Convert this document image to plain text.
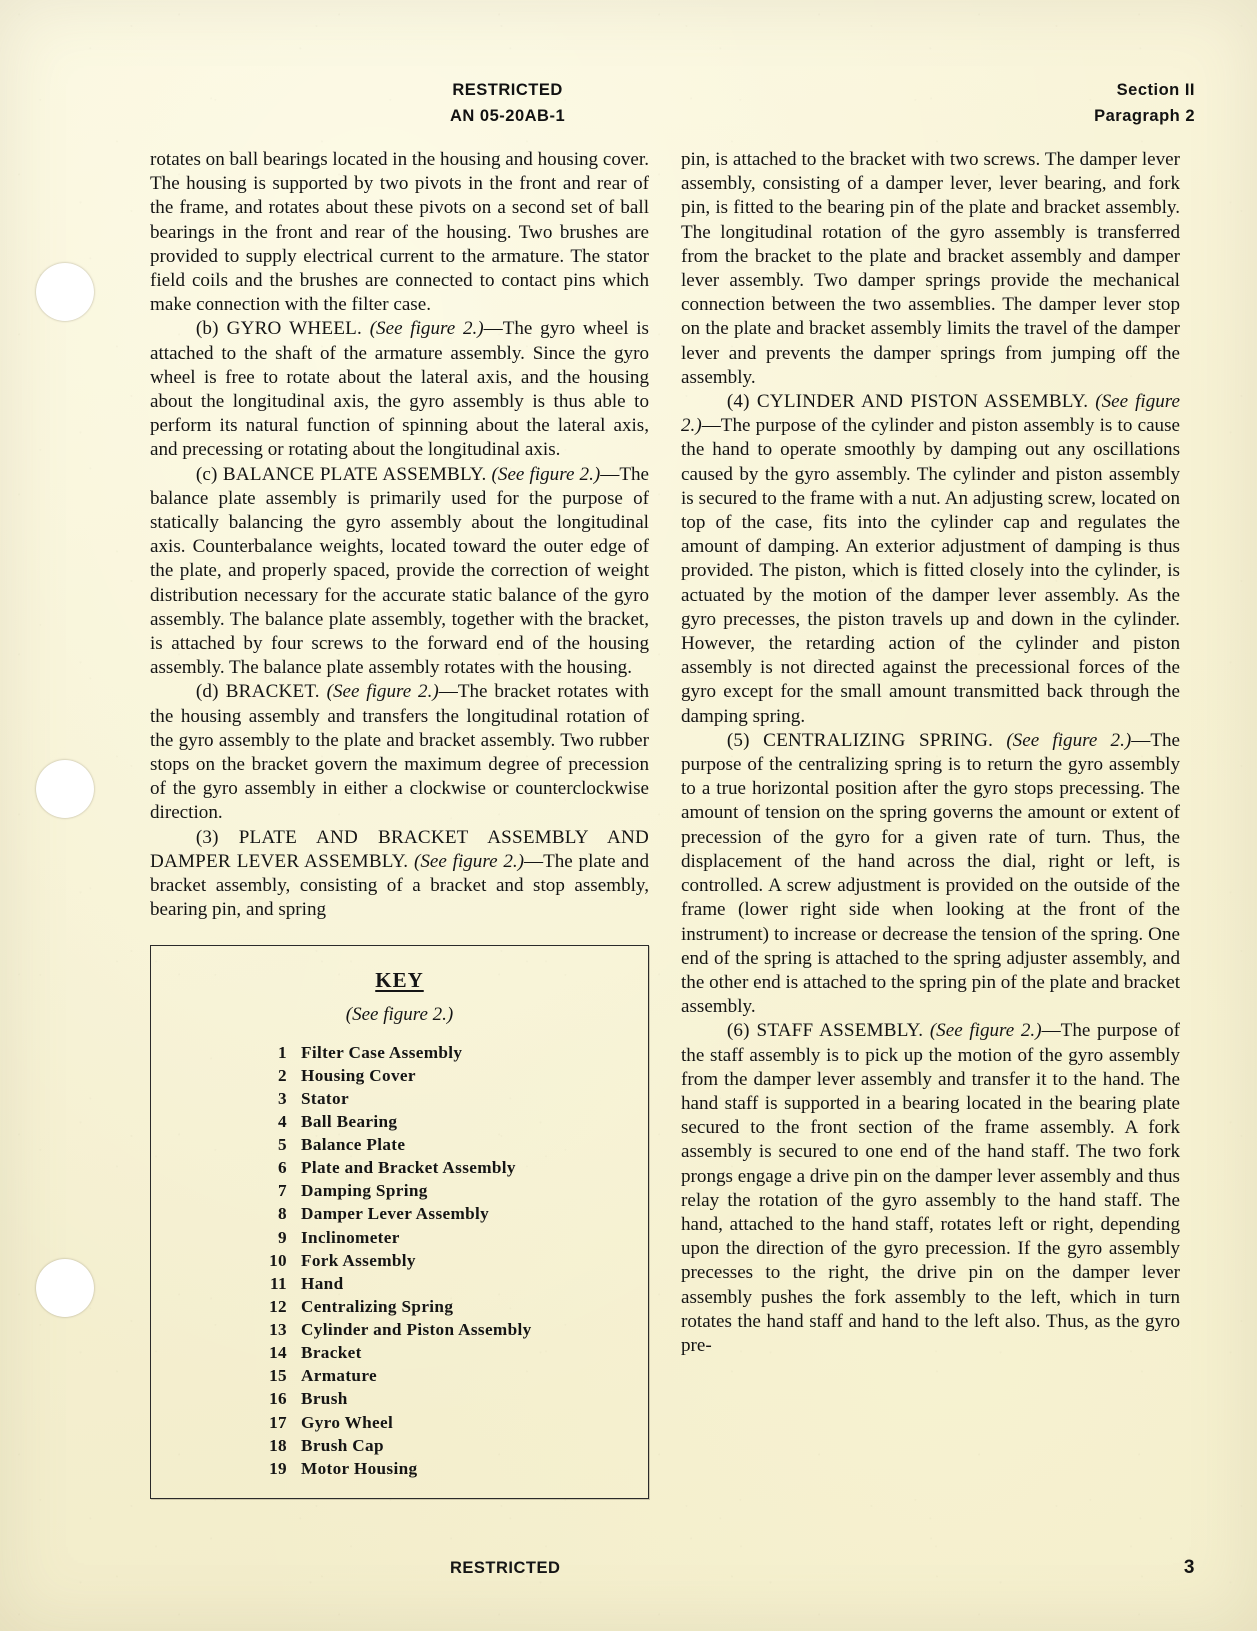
RESTRICTED
AN 05-20AB-1
Section II
Paragraph 2

rotates on ball bearings located in the housing and housing cover. The housing is supported by two pivots in the front and rear of the frame, and rotates about these pivots on a second set of ball bearings in the front and rear of the housing. Two brushes are provided to supply electrical current to the armature. The stator field coils and the brushes are connected to contact pins which make connection with the filter case.

(b) GYRO WHEEL. (See figure 2.)—The gyro wheel is attached to the shaft of the armature assembly. Since the gyro wheel is free to rotate about the lateral axis, and the housing about the longitudinal axis, the gyro assembly is thus able to perform its natural function of spinning about the lateral axis, and precessing or rotating about the longitudinal axis.

(c) BALANCE PLATE ASSEMBLY. (See figure 2.)—The balance plate assembly is primarily used for the purpose of statically balancing the gyro assembly about the longitudinal axis. Counterbalance weights, located toward the outer edge of the plate, and properly spaced, provide the correction of weight distribution necessary for the accurate static balance of the gyro assembly. The balance plate assembly, together with the bracket, is attached by four screws to the forward end of the housing assembly. The balance plate assembly rotates with the housing.

(d) BRACKET. (See figure 2.)—The bracket rotates with the housing assembly and transfers the longitudinal rotation of the gyro assembly to the plate and bracket assembly. Two rubber stops on the bracket govern the maximum degree of precession of the gyro assembly in either a clockwise or counterclockwise direction.

(3) PLATE AND BRACKET ASSEMBLY AND DAMPER LEVER ASSEMBLY. (See figure 2.)—The plate and bracket assembly, consisting of a bracket and stop assembly, bearing pin, and spring

KEY
(See figure 2.)
1 Filter Case Assembly
2 Housing Cover
3 Stator
4 Ball Bearing
5 Balance Plate
6 Plate and Bracket Assembly
7 Damping Spring
8 Damper Lever Assembly
9 Inclinometer
10 Fork Assembly
11 Hand
12 Centralizing Spring
13 Cylinder and Piston Assembly
14 Bracket
15 Armature
16 Brush
17 Gyro Wheel
18 Brush Cap
19 Motor Housing

pin, is attached to the bracket with two screws. The damper lever assembly, consisting of a damper lever, lever bearing, and fork pin, is fitted to the bearing pin of the plate and bracket assembly. The longitudinal rotation of the gyro assembly is transferred from the bracket to the plate and bracket assembly and damper lever assembly. Two damper springs provide the mechanical connection between the two assemblies. The damper lever stop on the plate and bracket assembly limits the travel of the damper lever and prevents the damper springs from jumping off the assembly.

(4) CYLINDER AND PISTON ASSEMBLY. (See figure 2.)—The purpose of the cylinder and piston assembly is to cause the hand to operate smoothly by damping out any oscillations caused by the gyro assembly. The cylinder and piston assembly is secured to the frame with a nut. An adjusting screw, located on top of the case, fits into the cylinder cap and regulates the amount of damping. An exterior adjustment of damping is thus provided. The piston, which is fitted closely into the cylinder, is actuated by the motion of the damper lever assembly. As the gyro precesses, the piston travels up and down in the cylinder. However, the retarding action of the cylinder and piston assembly is not directed against the precessional forces of the gyro except for the small amount transmitted back through the damping spring.

(5) CENTRALIZING SPRING. (See figure 2.)—The purpose of the centralizing spring is to return the gyro assembly to a true horizontal position after the gyro stops precessing. The amount of tension on the spring governs the amount or extent of precession of the gyro for a given rate of turn. Thus, the displacement of the hand across the dial, right or left, is controlled. A screw adjustment is provided on the outside of the frame (lower right side when looking at the front of the instrument) to increase or decrease the tension of the spring. One end of the spring is attached to the spring adjuster assembly, and the other end is attached to the spring pin of the plate and bracket assembly.

(6) STAFF ASSEMBLY. (See figure 2.)—The purpose of the staff assembly is to pick up the motion of the gyro assembly from the damper lever assembly and transfer it to the hand. The hand staff is supported in a bearing located in the bearing plate secured to the front section of the frame assembly. A fork assembly is secured to one end of the hand staff. The two fork prongs engage a drive pin on the damper lever assembly and thus relay the rotation of the gyro assembly to the hand staff. The hand, attached to the hand staff, rotates left or right, depending upon the direction of the gyro precession. If the gyro assembly precesses to the right, the drive pin on the damper lever assembly pushes the fork assembly to the left, which in turn rotates the hand staff and hand to the left also. Thus, as the gyro pre-

RESTRICTED	3
